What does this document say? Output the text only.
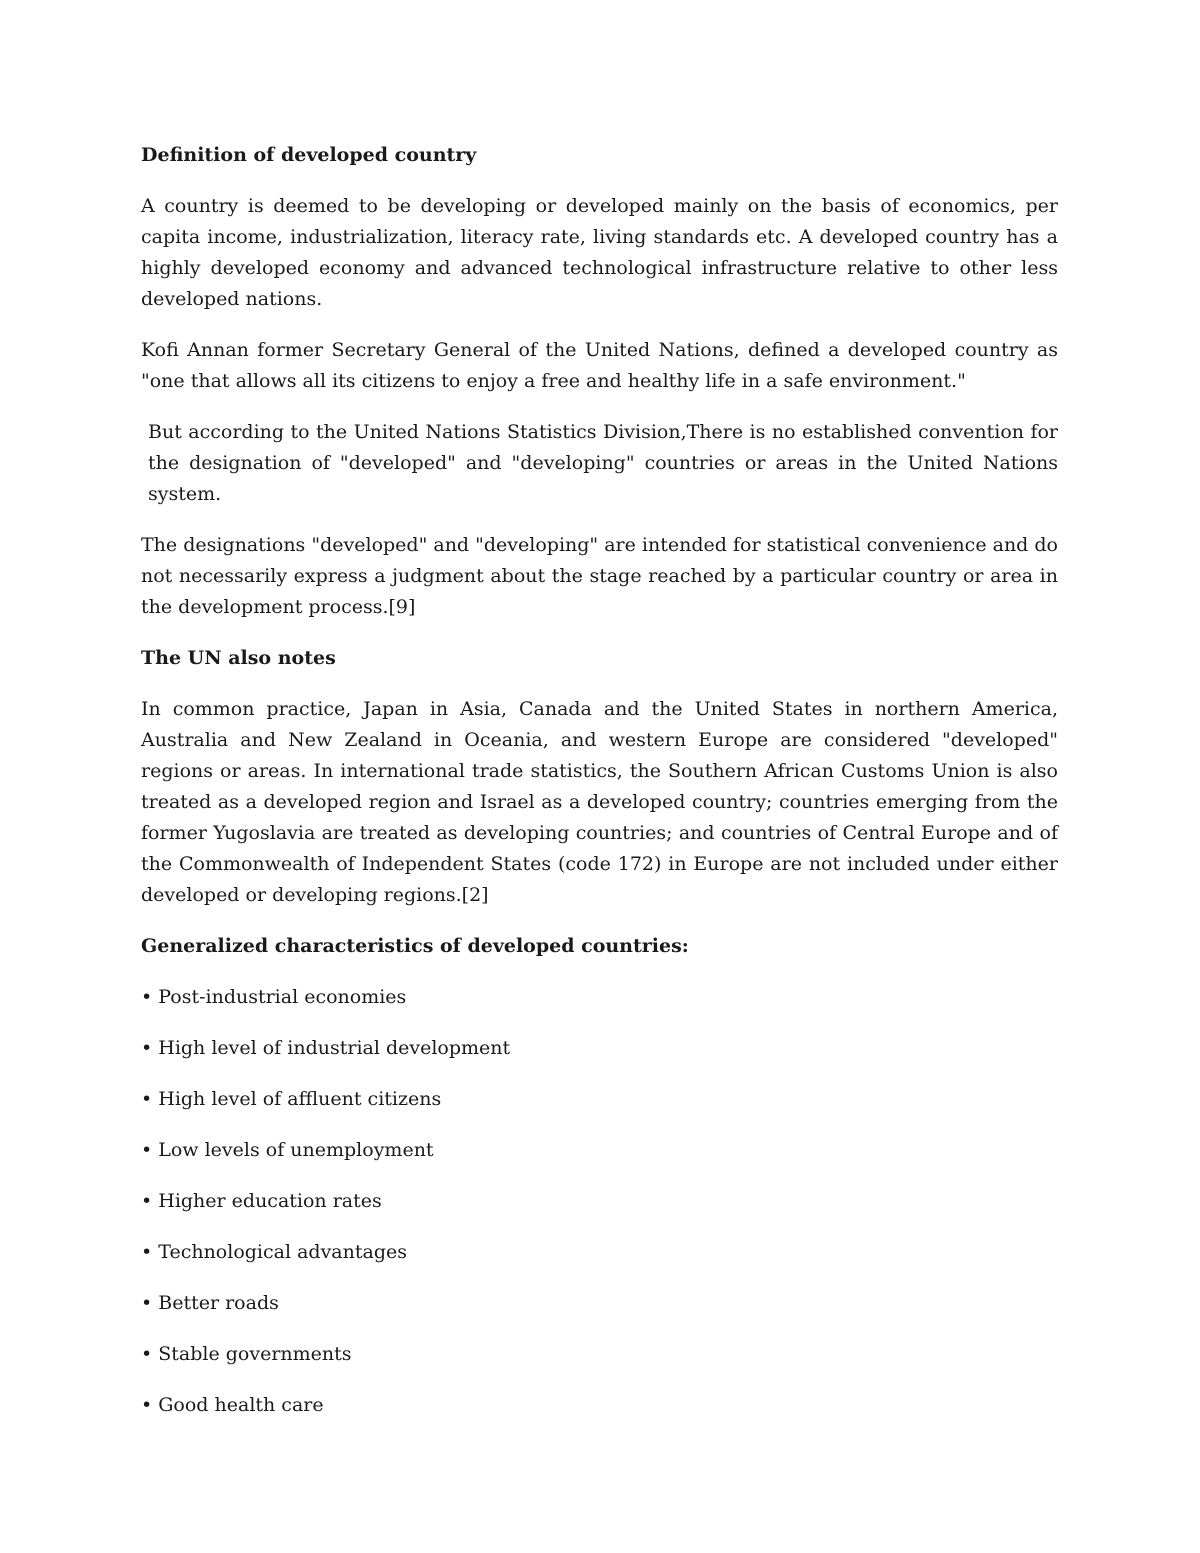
Definition of developed country

A country is deemed to be developing or developed mainly on the basis of economics, per capita income, industrialization, literacy rate, living standards etc. A developed country has a highly developed economy and advanced technological infrastructure relative to other less developed nations.

Kofi Annan former Secretary General of the United Nations, defined a developed country as "one that allows all its citizens to enjoy a free and healthy life in a safe environment."

But according to the United Nations Statistics Division,There is no established convention for the designation of "developed" and "developing" countries or areas in the United Nations system.

The designations "developed" and "developing" are intended for statistical convenience and do not necessarily express a judgment about the stage reached by a particular country or area in the development process.[9]

The UN also notes

In common practice, Japan in Asia, Canada and the United States in northern America, Australia and New Zealand in Oceania, and western Europe are considered "developed" regions or areas. In international trade statistics, the Southern African Customs Union is also treated as a developed region and Israel as a developed country; countries emerging from the former Yugoslavia are treated as developing countries; and countries of Central Europe and of the Commonwealth of Independent States (code 172) in Europe are not included under either developed or developing regions.[2]

Generalized characteristics of developed countries:
• Post-industrial economies
• High level of industrial development
• High level of affluent citizens
• Low levels of unemployment
• Higher education rates
• Technological advantages
• Better roads
• Stable governments
• Good health care
